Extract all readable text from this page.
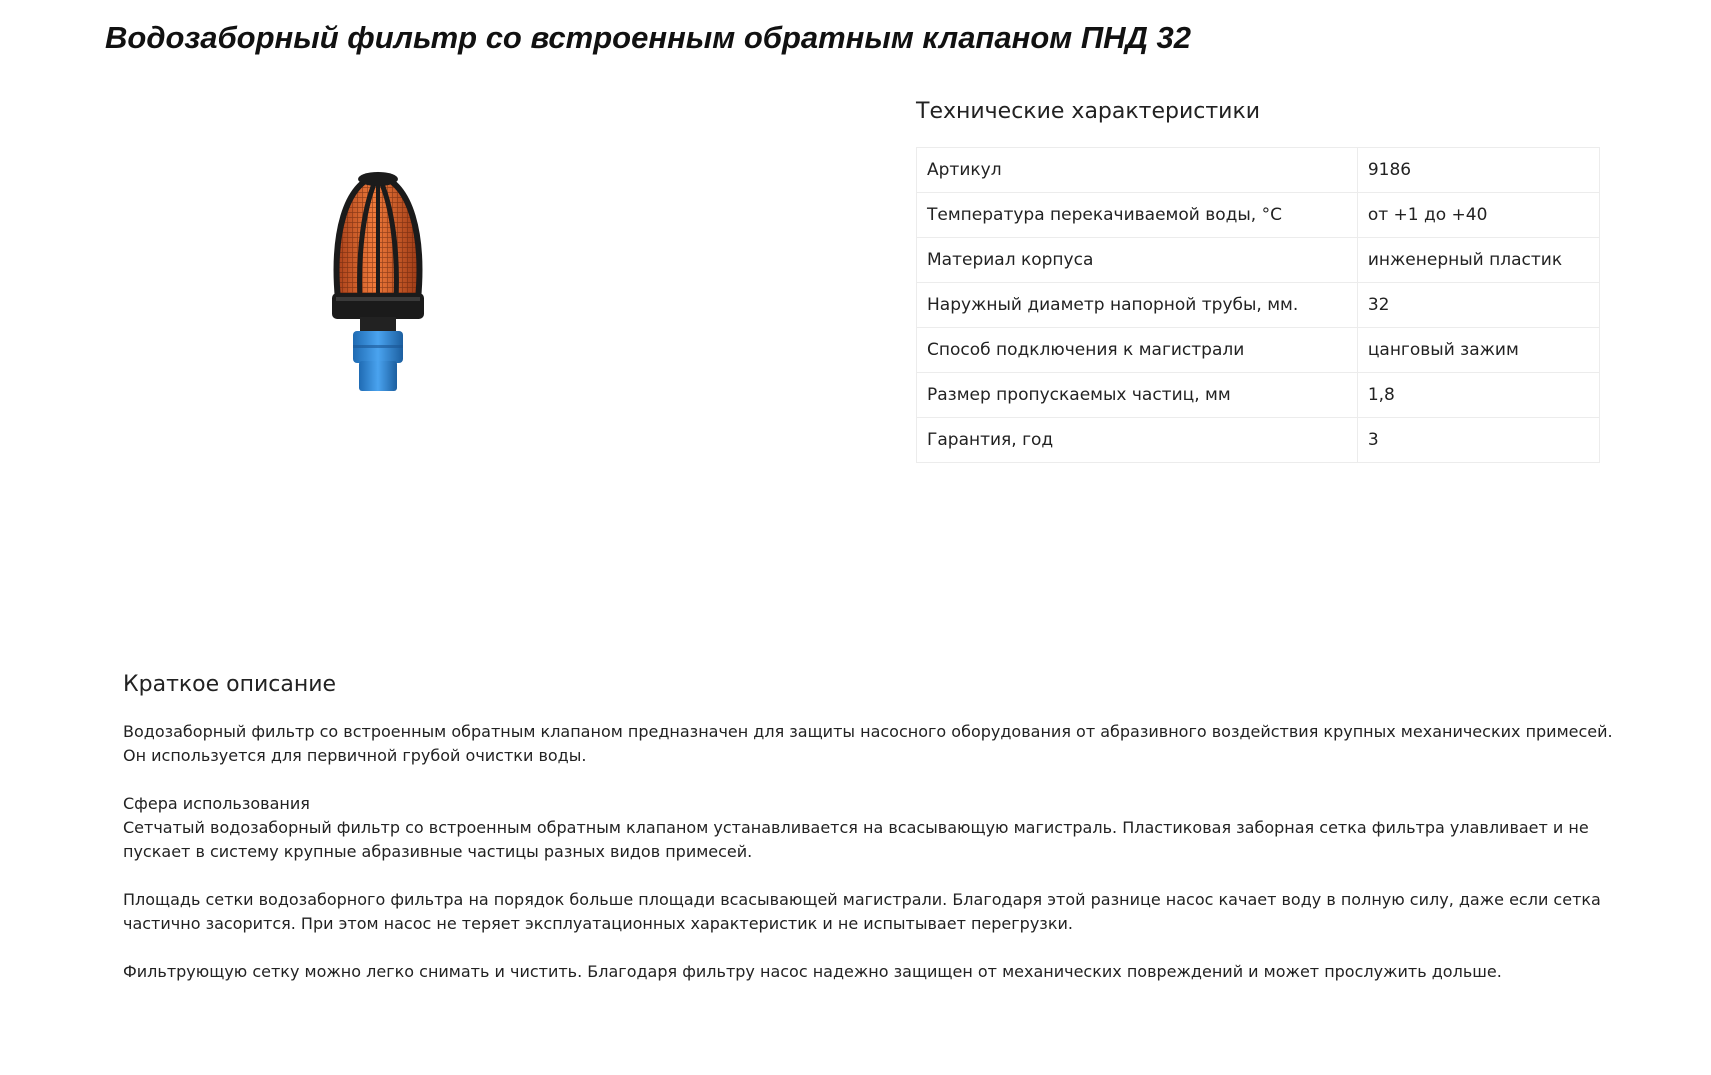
Водозаборный фильтр со встроенным обратным клапаном ПНД 32
Технические характеристики
Артикул	9186
Температура перекачиваемой воды, °C	от +1 до +40
Материал корпуса	инженерный пластик
Наружный диаметр напорной трубы, мм.	32
Способ подключения к магистрали	цанговый зажим
Размер пропускаемых частиц, мм	1,8
Гарантия, год	3
Краткое описание

Водозаборный фильтр со встроенным обратным клапаном предназначен для защиты насосного оборудования от абразивного воздействия крупных механических примесей.

Он используется для первичной грубой очистки воды.

Сфера использования

Сетчатый водозаборный фильтр со встроенным обратным клапаном устанавливается на всасывающую магистраль. Пластиковая заборная сетка фильтра улавливает и не пускает в систему крупные абразивные частицы разных видов примесей.

Площадь сетки водозаборного фильтра на порядок больше площади всасывающей магистрали. Благодаря этой разнице насос качает воду в полную силу, даже если сетка частично засорится. При этом насос не теряет эксплуатационных характеристик и не испытывает перегрузки.

Фильтрующую сетку можно легко снимать и чистить. Благодаря фильтру насос надежно защищен от механических повреждений и может прослужить дольше.
